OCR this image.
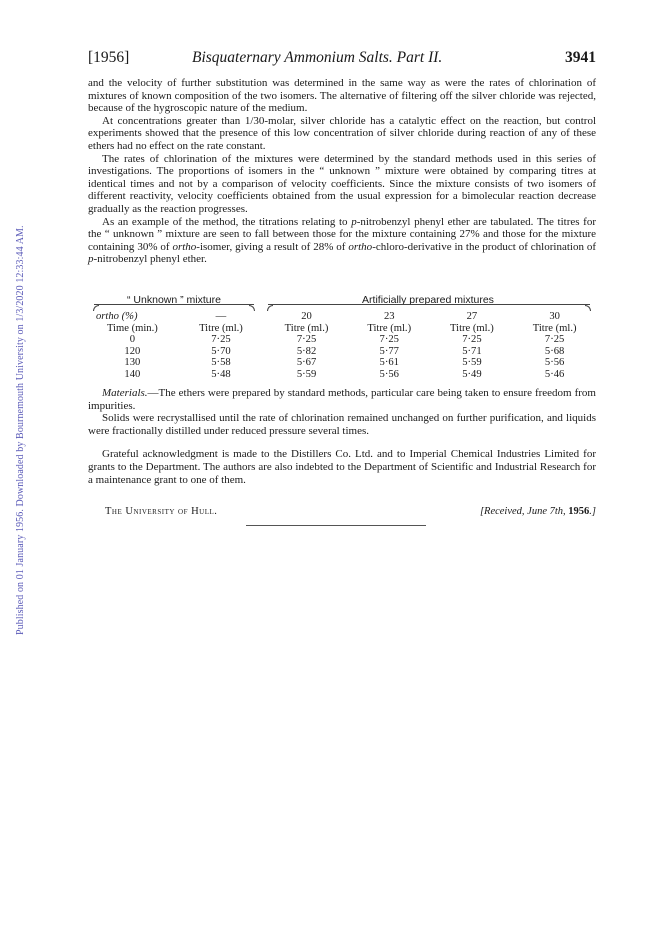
Published on 01 January 1956. Downloaded by Bournemouth University on 1/3/2020 12:33:44 AM.
[1956]	Bisquaternary Ammonium Salts. Part II.	3941

and the velocity of further substitution was determined in the same way as were the rates of chlorination of mixtures of known composition of the two isomers. The alternative of filtering off the silver chloride was rejected, because of the hygroscopic nature of the medium.

At concentrations greater than 1/30-molar, silver chloride has a catalytic effect on the reaction, but control experiments showed that the presence of this low concentration of silver chloride during reaction of any of these ethers had no effect on the rate constant.

The rates of chlorination of the mixtures were determined by the standard methods used in this series of investigations. The proportions of isomers in the “ unknown ” mixture were obtained by comparing titres at identical times and not by a comparison of velocity coefficients. Since the mixture consists of two isomers of different reactivity, velocity coefficients obtained from the usual expression for a bimolecular reaction decrease gradually as the reaction progresses.

As an example of the method, the titrations relating to p-nitrobenzyl phenyl ether are tabulated. The titres for the “ unknown ” mixture are seen to fall between those for the mixture containing 27% and those for the mixture containing 30% of ortho-isomer, giving a result of 28% of ortho-chloro-derivative in the product of chlorination of p-nitrobenzyl phenyl ether.

“ Unknown ” mixture	Artificially prepared mixtures
ortho (%)	—	20	23	27	30
Time (min.)	Titre (ml.)	Titre (ml.)	Titre (ml.)	Titre (ml.)	Titre (ml.)
0	7·25	7·25	7·25	7·25	7·25
120	5·70	5·82	5·77	5·71	5·68
130	5·58	5·67	5·61	5·59	5·56
140	5·48	5·59	5·56	5·49	5·46

Materials.—The ethers were prepared by standard methods, particular care being taken to ensure freedom from impurities.

Solids were recrystallised until the rate of chlorination remained unchanged on further purification, and liquids were fractionally distilled under reduced pressure several times.

Grateful acknowledgment is made to the Distillers Co. Ltd. and to Imperial Chemical Industries Limited for grants to the Department. The authors are also indebted to the Department of Scientific and Industrial Research for a maintenance grant to one of them.

The University of Hull.	[Received, June 7th, 1956.]
